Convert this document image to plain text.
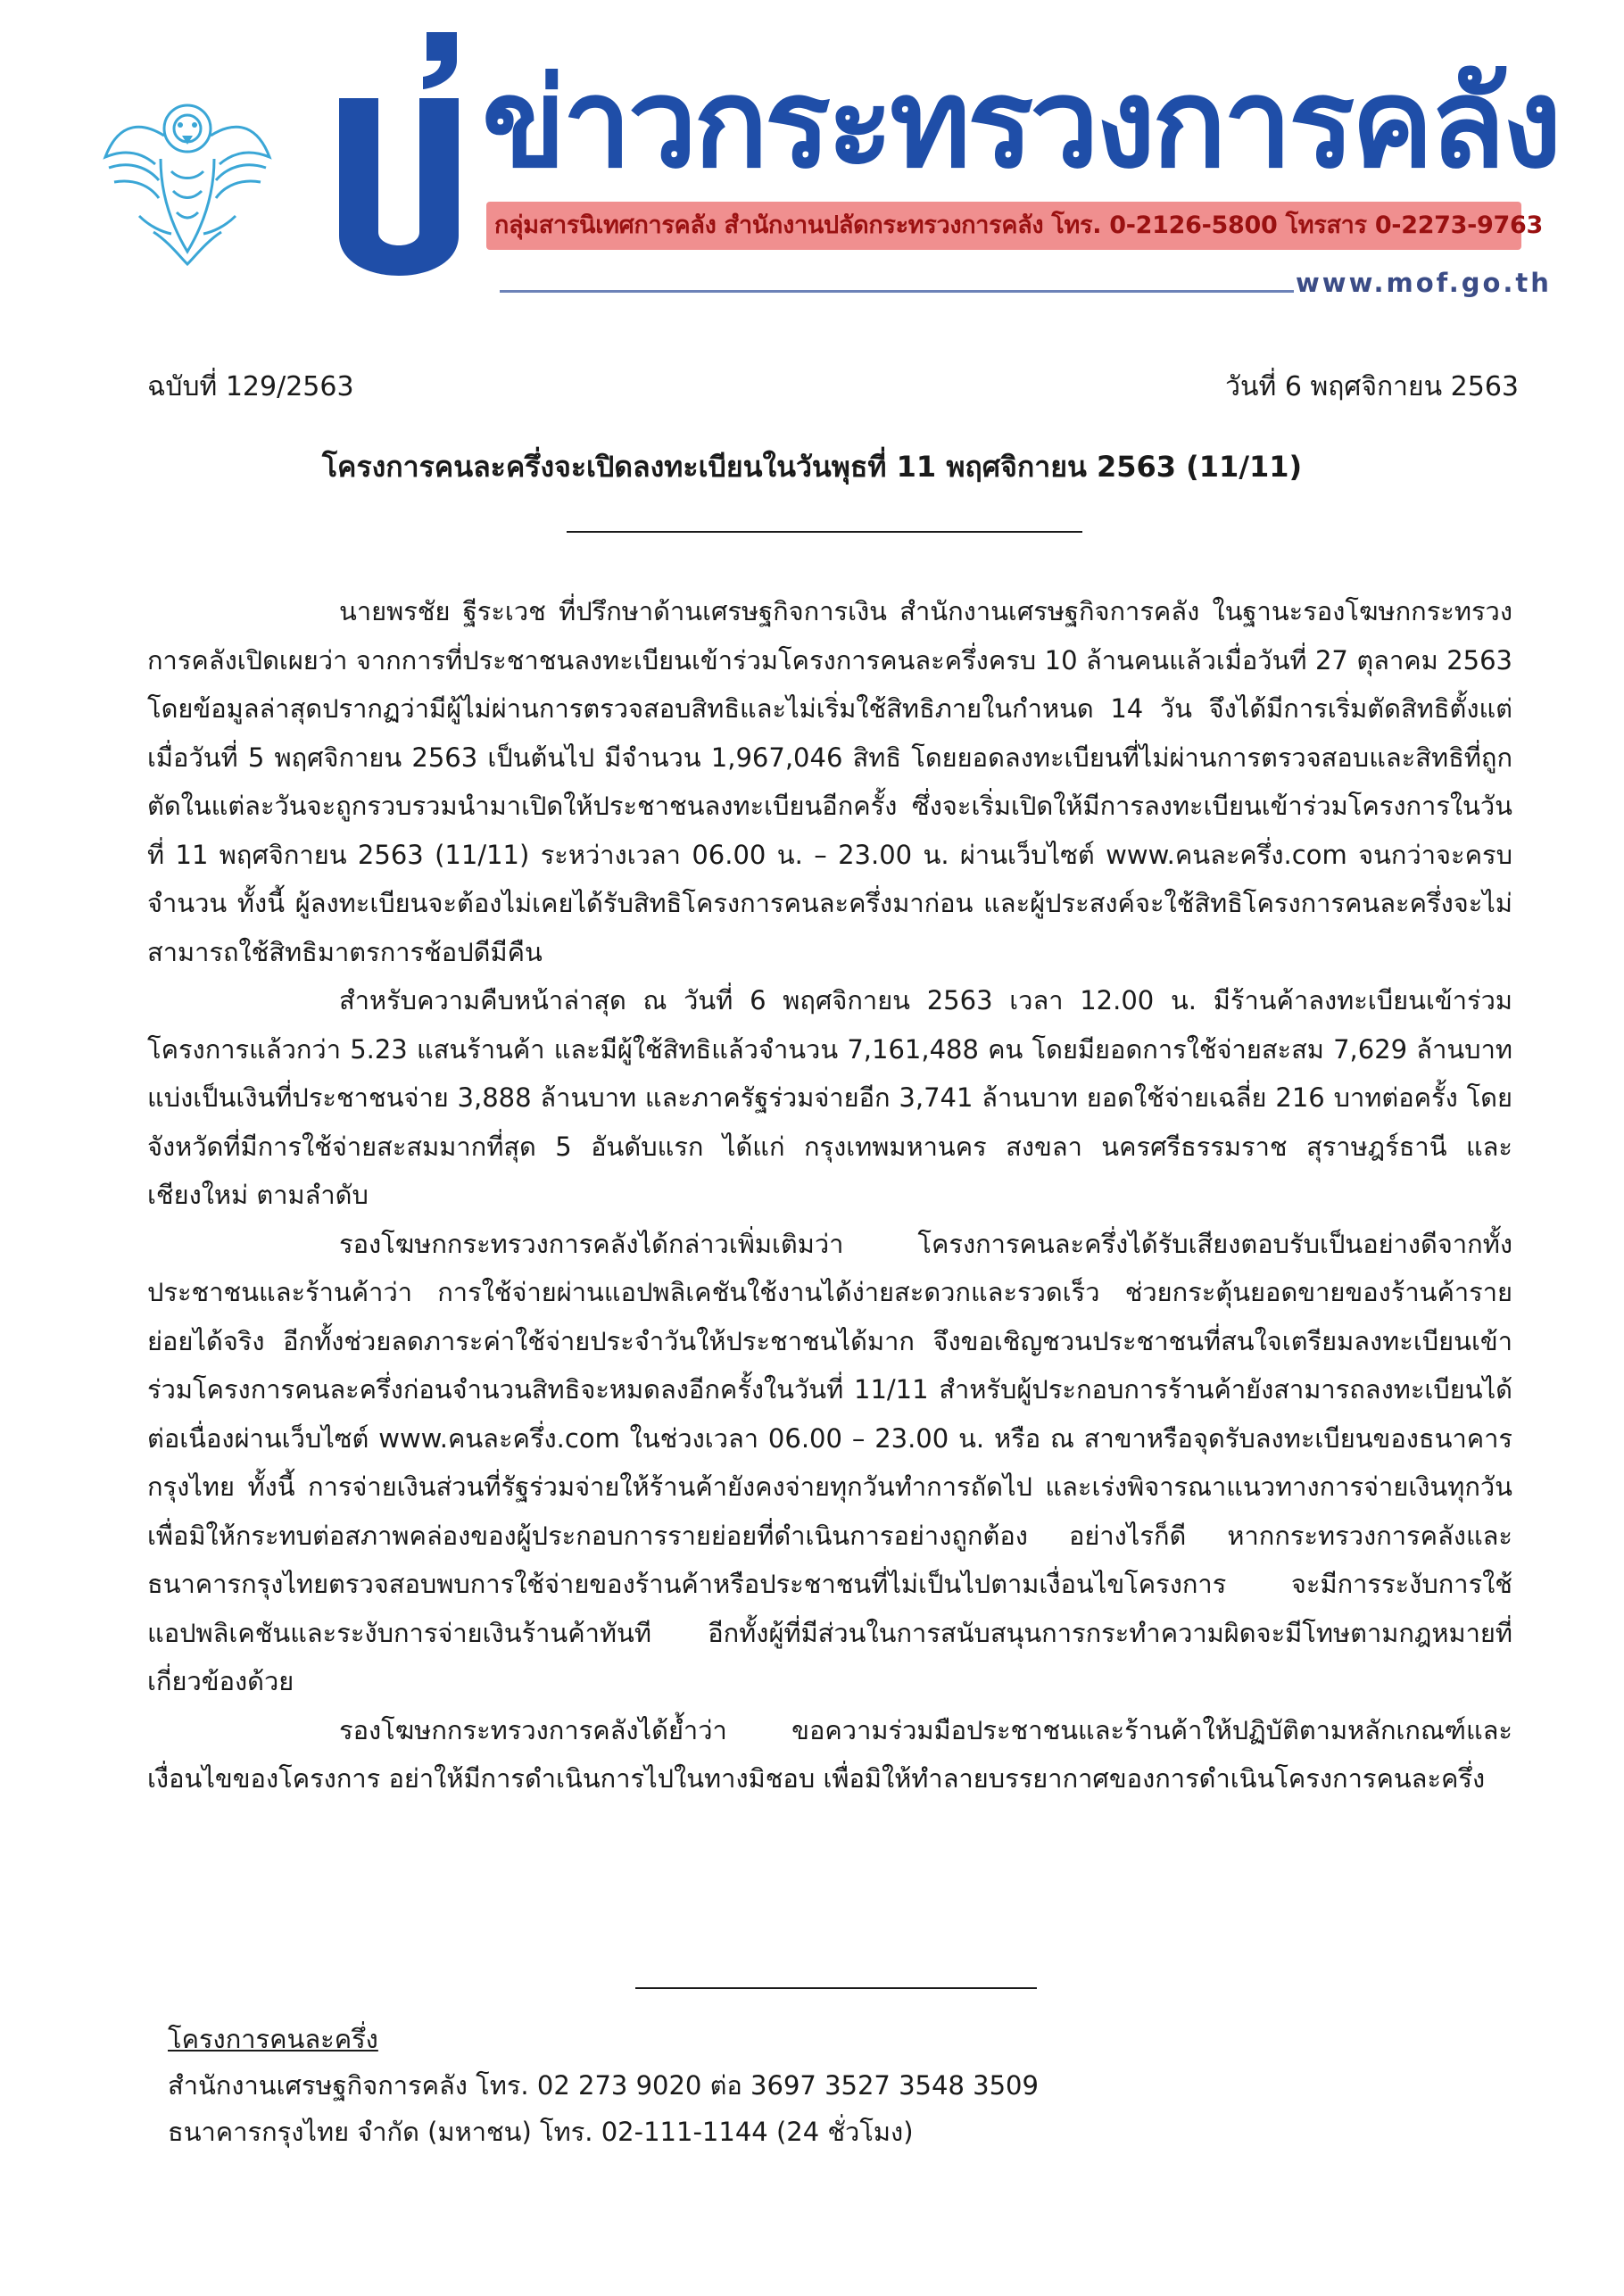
ข่าวกระทรวงการคลัง
กลุ่มสารนิเทศการคลัง สำนักงานปลัดกระทรวงการคลัง โทร. 0-2126-5800 โทรสาร 0-2273-9763
www.mof.go.th
ฉบับที่ 129/2563	วันที่ 6 พฤศจิกายน 2563
โครงการคนละครึ่งจะเปิดลงทะเบียนในวันพุธที่ 11 พฤศจิกายน 2563 (11/11)

นายพรชัย ฐีระเวช ที่ปรึกษาด้านเศรษฐกิจการเงิน สำนักงานเศรษฐกิจการคลัง ในฐานะรองโฆษกกระทรวงการคลังเปิดเผยว่า จากการที่ประชาชนลงทะเบียนเข้าร่วมโครงการคนละครึ่งครบ 10 ล้านคนแล้วเมื่อวันที่ 27 ตุลาคม 2563 โดยข้อมูลล่าสุดปรากฏว่ามีผู้ไม่ผ่านการตรวจสอบสิทธิและไม่เริ่มใช้สิทธิภายในกำหนด 14 วัน จึงได้มีการเริ่มตัดสิทธิตั้งแต่เมื่อวันที่ 5 พฤศจิกายน 2563 เป็นต้นไป มีจำนวน 1,967,046 สิทธิ โดยยอดลงทะเบียนที่ไม่ผ่านการตรวจสอบและสิทธิที่ถูกตัดในแต่ละวันจะถูกรวบรวมนำมาเปิดให้ประชาชนลงทะเบียนอีกครั้ง ซึ่งจะเริ่มเปิดให้มีการลงทะเบียนเข้าร่วมโครงการในวันที่ 11 พฤศจิกายน 2563 (11/11) ระหว่างเวลา 06.00 น. – 23.00 น. ผ่านเว็บไซต์ www.คนละครึ่ง.com จนกว่าจะครบจำนวน ทั้งนี้ ผู้ลงทะเบียนจะต้องไม่เคยได้รับสิทธิโครงการคนละครึ่งมาก่อน และผู้ประสงค์จะใช้สิทธิโครงการคนละครึ่งจะไม่สามารถใช้สิทธิมาตรการช้อปดีมีคืน

สำหรับความคืบหน้าล่าสุด ณ วันที่ 6 พฤศจิกายน 2563 เวลา 12.00 น. มีร้านค้าลงทะเบียนเข้าร่วมโครงการแล้วกว่า 5.23 แสนร้านค้า และมีผู้ใช้สิทธิแล้วจำนวน 7,161,488 คน โดยมียอดการใช้จ่ายสะสม 7,629 ล้านบาท แบ่งเป็นเงินที่ประชาชนจ่าย 3,888 ล้านบาท และภาครัฐร่วมจ่ายอีก 3,741 ล้านบาท ยอดใช้จ่ายเฉลี่ย 216 บาทต่อครั้ง โดยจังหวัดที่มีการใช้จ่ายสะสมมากที่สุด 5 อันดับแรก ได้แก่ กรุงเทพมหานคร สงขลา นครศรีธรรมราช สุราษฎร์ธานี และเชียงใหม่ ตามลำดับ

รองโฆษกกระทรวงการคลังได้กล่าวเพิ่มเติมว่า โครงการคนละครึ่งได้รับเสียงตอบรับเป็นอย่างดีจากทั้งประชาชนและร้านค้าว่า การใช้จ่ายผ่านแอปพลิเคชันใช้งานได้ง่ายสะดวกและรวดเร็ว ช่วยกระตุ้นยอดขายของร้านค้ารายย่อยได้จริง อีกทั้งช่วยลดภาระค่าใช้จ่ายประจำวันให้ประชาชนได้มาก จึงขอเชิญชวนประชาชนที่สนใจเตรียมลงทะเบียนเข้าร่วมโครงการคนละครึ่งก่อนจำนวนสิทธิจะหมดลงอีกครั้งในวันที่ 11/11 สำหรับผู้ประกอบการร้านค้ายังสามารถลงทะเบียนได้ต่อเนื่องผ่านเว็บไซต์ www.คนละครึ่ง.com ในช่วงเวลา 06.00 – 23.00 น. หรือ ณ สาขาหรือจุดรับลงทะเบียนของธนาคารกรุงไทย ทั้งนี้ การจ่ายเงินส่วนที่รัฐร่วมจ่ายให้ร้านค้ายังคงจ่ายทุกวันทำการถัดไป และเร่งพิจารณาแนวทางการจ่ายเงินทุกวันเพื่อมิให้กระทบต่อสภาพคล่องของผู้ประกอบการรายย่อยที่ดำเนินการอย่างถูกต้อง อย่างไรก็ดี หากกระทรวงการคลังและธนาคารกรุงไทยตรวจสอบพบการใช้จ่ายของร้านค้าหรือประชาชนที่ไม่เป็นไปตามเงื่อนไขโครงการ จะมีการระงับการใช้แอปพลิเคชันและระงับการจ่ายเงินร้านค้าทันที อีกทั้งผู้ที่มีส่วนในการสนับสนุนการกระทำความผิดจะมีโทษตามกฎหมายที่เกี่ยวข้องด้วย

รองโฆษกกระทรวงการคลังได้ย้ำว่า ขอความร่วมมือประชาชนและร้านค้าให้ปฏิบัติตามหลักเกณฑ์และเงื่อนไขของโครงการ อย่าให้มีการดำเนินการไปในทางมิชอบ เพื่อมิให้ทำลายบรรยากาศของการดำเนินโครงการคนละครึ่ง

โครงการคนละครึ่ง
สำนักงานเศรษฐกิจการคลัง โทร. 02 273 9020 ต่อ 3697 3527 3548 3509
ธนาคารกรุงไทย จำกัด (มหาชน) โทร. 02-111-1144 (24 ชั่วโมง)
